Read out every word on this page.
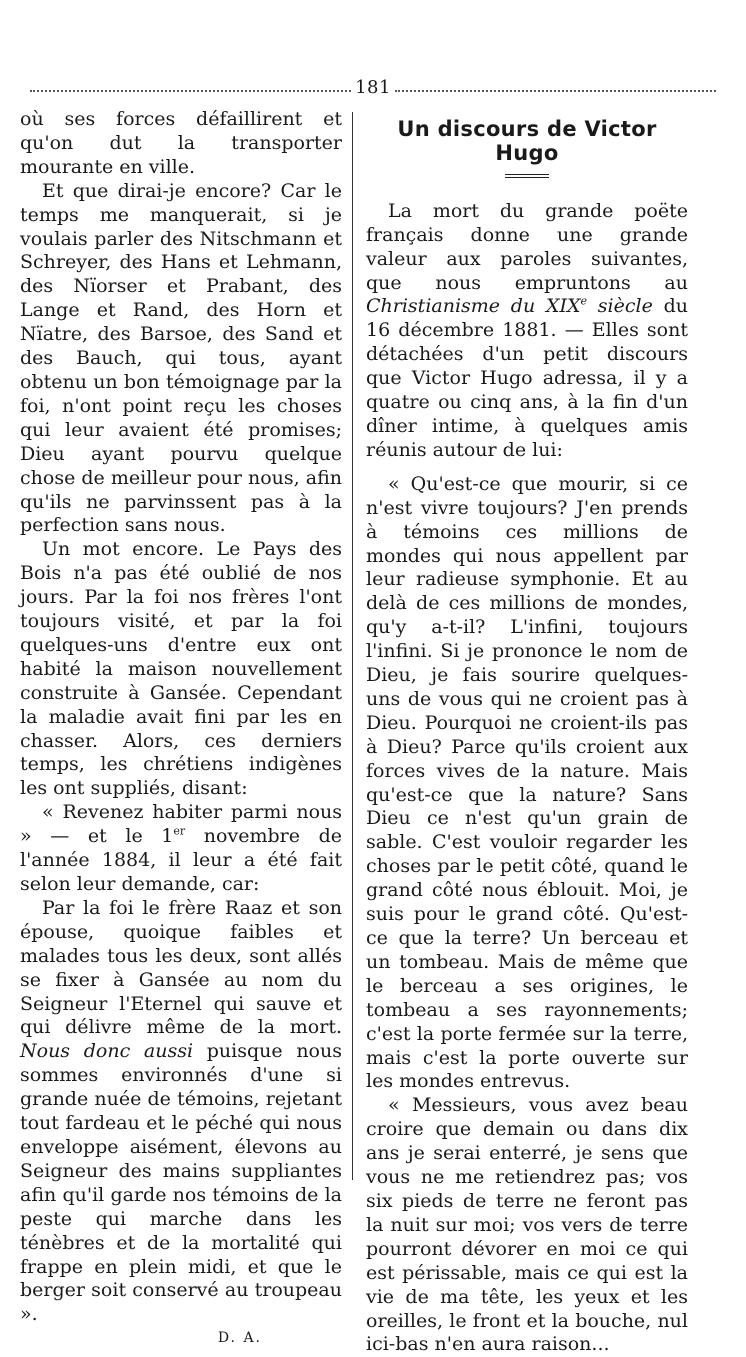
181

où ses forces défaillirent et qu'on dut la transporter mourante en ville.

Et que dirai-je encore? Car le temps me manquerait, si je voulais parler des Nitschmann et Schreyer, des Hans et Lehmann, des Nïorser et Prabant, des Lange et Rand, des Horn et Nïatre, des Barsoe, des Sand et des Bauch, qui tous, ayant obtenu un bon témoignage par la foi, n'ont point reçu les choses qui leur avaient été promises; Dieu ayant pourvu quelque chose de meilleur pour nous, afin qu'ils ne parvinssent pas à la perfection sans nous.

Un mot encore. Le Pays des Bois n'a pas été oublié de nos jours. Par la foi nos frères l'ont toujours visité, et par la foi quelques-uns d'entre eux ont habité la maison nouvellement construite à Gansée. Cependant la maladie avait fini par les en chasser. Alors, ces derniers temps, les chrétiens indigènes les ont suppliés, disant:

« Revenez habiter parmi nous » — et le 1er novembre de l'année 1884, il leur a été fait selon leur demande, car:

Par la foi le frère Raaz et son épouse, quoique faibles et malades tous les deux, sont allés se fixer à Gansée au nom du Seigneur l'Eternel qui sauve et qui délivre même de la mort. Nous donc aussi puisque nous sommes environnés d'une si grande nuée de témoins, rejetant tout fardeau et le péché qui nous enveloppe aisément, élevons au Seigneur des mains suppliantes afin qu'il garde nos témoins de la peste qui marche dans les ténèbres et de la mortalité qui frappe en plein midi, et que le berger soit conservé au troupeau ».

D. A.

Un discours de Victor Hugo

La mort du grande poëte français donne une grande valeur aux paroles suivantes, que nous empruntons au Christianisme du XIXe siècle du 16 décembre 1881. — Elles sont détachées d'un petit discours que Victor Hugo adressa, il y a quatre ou cinq ans, à la fin d'un dîner intime, à quelques amis réunis autour de lui:

« Qu'est-ce que mourir, si ce n'est vivre toujours? J'en prends à témoins ces millions de mondes qui nous appellent par leur radieuse symphonie. Et au delà de ces millions de mondes, qu'y a-t-il? L'infini, toujours l'infini. Si je prononce le nom de Dieu, je fais sourire quelques-uns de vous qui ne croient pas à Dieu. Pourquoi ne croient-ils pas à Dieu? Parce qu'ils croient aux forces vives de la nature. Mais qu'est-ce que la nature? Sans Dieu ce n'est qu'un grain de sable. C'est vouloir regarder les choses par le petit côté, quand le grand côté nous éblouit. Moi, je suis pour le grand côté. Qu'est-ce que la terre? Un berceau et un tombeau. Mais de même que le berceau a ses origines, le tombeau a ses rayonnements; c'est la porte fermée sur la terre, mais c'est la porte ouverte sur les mondes entrevus.

« Messieurs, vous avez beau croire que demain ou dans dix ans je serai enterré, je sens que vous ne me retiendrez pas; vos six pieds de terre ne feront pas la nuit sur moi; vos vers de terre pourront dévorer en moi ce qui est périssable, mais ce qui est la vie de ma tête, les yeux et les oreilles, le front et la bouche, nul ici-bas n'en aura raison...
